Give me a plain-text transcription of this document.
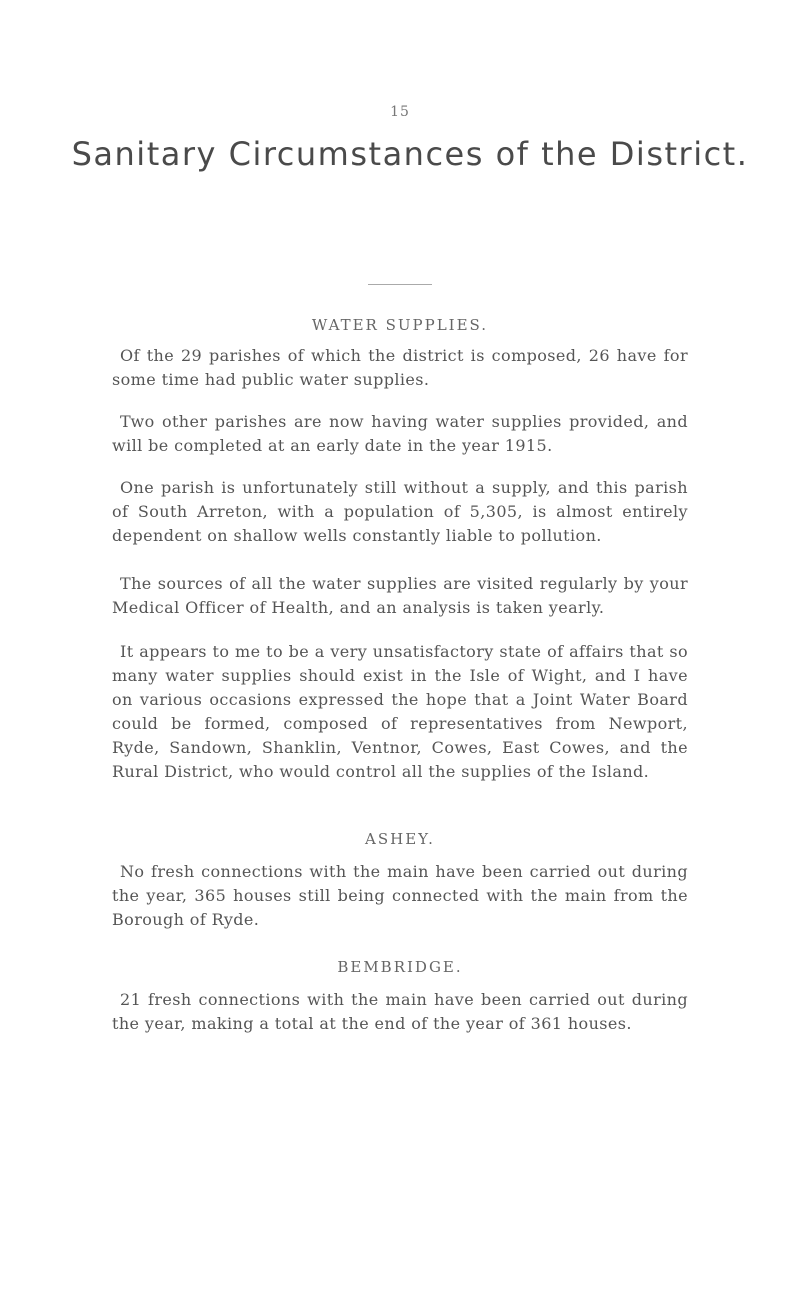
15
Sanitary Circumstances of the District.
WATER SUPPLIES.

Of the 29 parishes of which the district is composed, 26 have for some time had public water supplies.

Two other parishes are now having water supplies provided, and will be completed at an early date in the year 1915.

One parish is unfortunately still without a supply, and this parish of South Arreton, with a population of 5,305, is almost entirely dependent on shallow wells constantly liable to pollution.

The sources of all the water supplies are visited regularly by your Medical Officer of Health, and an analysis is taken yearly.

It appears to me to be a very unsatisfactory state of affairs that so many water supplies should exist in the Isle of Wight, and I have on various occasions expressed the hope that a Joint Water Board could be formed, composed of representatives from Newport, Ryde, Sandown, Shanklin, Ventnor, Cowes, East Cowes, and the Rural District, who would control all the supplies of the Island.

ASHEY.

No fresh connections with the main have been carried out during the year, 365 houses still being connected with the main from the Borough of Ryde.

BEMBRIDGE.

21 fresh connections with the main have been carried out during the year, making a total at the end of the year of 361 houses.
